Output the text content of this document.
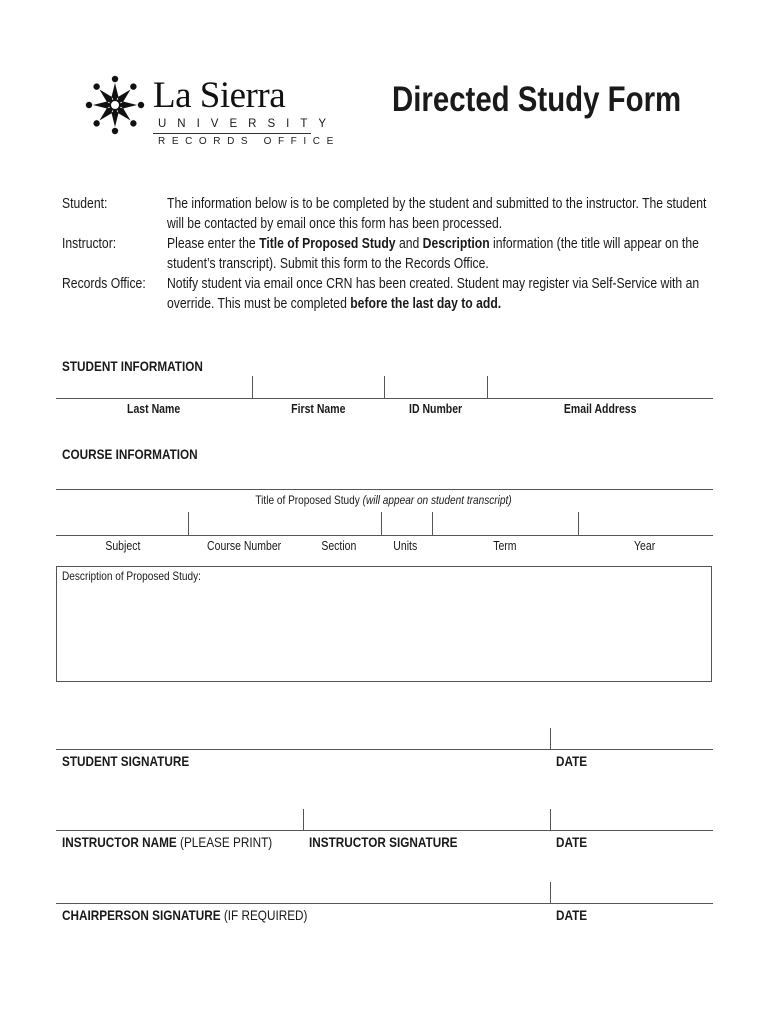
La Sierra
UNIVERSITY
RECORDS OFFICE
Directed Study Form
Student:	The information below is to be completed by the student and submitted to the instructor. The student
will be contacted by email once this form has been processed.
Instructor:	Please enter the Title of Proposed Study and Description information (the title will appear on the
student’s transcript). Submit this form to the Records Office.
Records Office:	Notify student via email once CRN has been created. Student may register via Self-Service with an
override. This must be completed before the last day to add.
STUDENT INFORMATION
Last Name	First Name	ID Number	Email Address
COURSE INFORMATION
Title of Proposed Study (will appear on student transcript)
Subject	Course Number	Section	Units	Term	Year
Description of Proposed Study:
STUDENT SIGNATURE	DATE
INSTRUCTOR NAME (PLEASE PRINT)	INSTRUCTOR SIGNATURE	DATE
CHAIRPERSON SIGNATURE (IF REQUIRED)	DATE
